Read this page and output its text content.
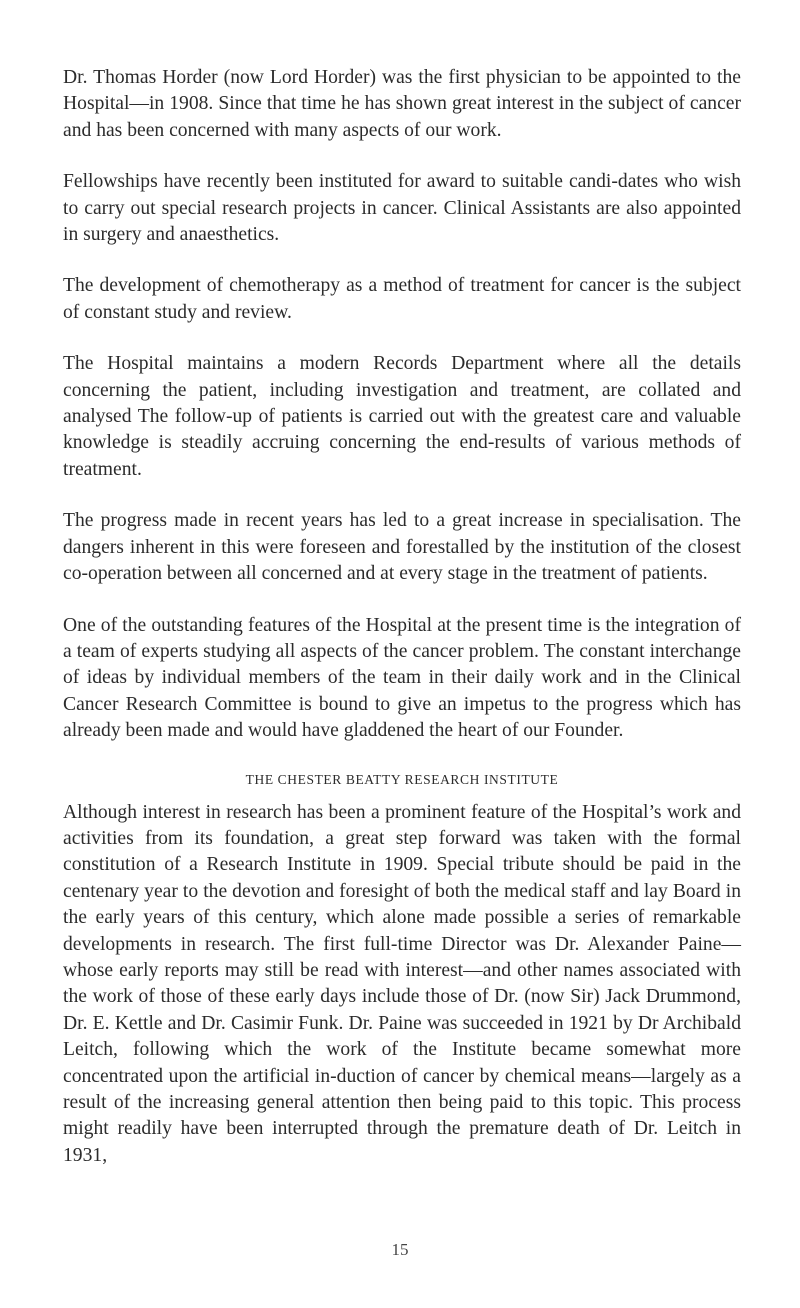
Dr. Thomas Horder (now Lord Horder) was the first physician to be appointed to the Hospital—in 1908. Since that time he has shown great interest in the subject of cancer and has been concerned with many aspects of our work.

Fellowships have recently been instituted for award to suitable candi-dates who wish to carry out special research projects in cancer. Clinical Assistants are also appointed in surgery and anaesthetics.

The development of chemotherapy as a method of treatment for cancer is the subject of constant study and review.

The Hospital maintains a modern Records Department where all the details concerning the patient, including investigation and treatment, are collated and analysed The follow-up of patients is carried out with the greatest care and valuable knowledge is steadily accruing concerning the end-results of various methods of treatment.

The progress made in recent years has led to a great increase in specialisation. The dangers inherent in this were foreseen and forestalled by the institution of the closest co-operation between all concerned and at every stage in the treatment of patients.

One of the outstanding features of the Hospital at the present time is the integration of a team of experts studying all aspects of the cancer problem. The constant interchange of ideas by individual members of the team in their daily work and in the Clinical Cancer Research Committee is bound to give an impetus to the progress which has already been made and would have gladdened the heart of our Founder.

THE CHESTER BEATTY RESEARCH INSTITUTE

Although interest in research has been a prominent feature of the Hospital’s work and activities from its foundation, a great step forward was taken with the formal constitution of a Research Institute in 1909. Special tribute should be paid in the centenary year to the devotion and foresight of both the medical staff and lay Board in the early years of this century, which alone made possible a series of remarkable developments in research. The first full-time Director was Dr. Alexander Paine—whose early reports may still be read with interest—and other names associated with the work of those of these early days include those of Dr. (now Sir) Jack Drummond, Dr. E. Kettle and Dr. Casimir Funk. Dr. Paine was succeeded in 1921 by Dr Archibald Leitch, following which the work of the Institute became somewhat more concentrated upon the artificial in-duction of cancer by chemical means—largely as a result of the increasing general attention then being paid to this topic. This process might readily have been interrupted through the premature death of Dr. Leitch in 1931,

15
